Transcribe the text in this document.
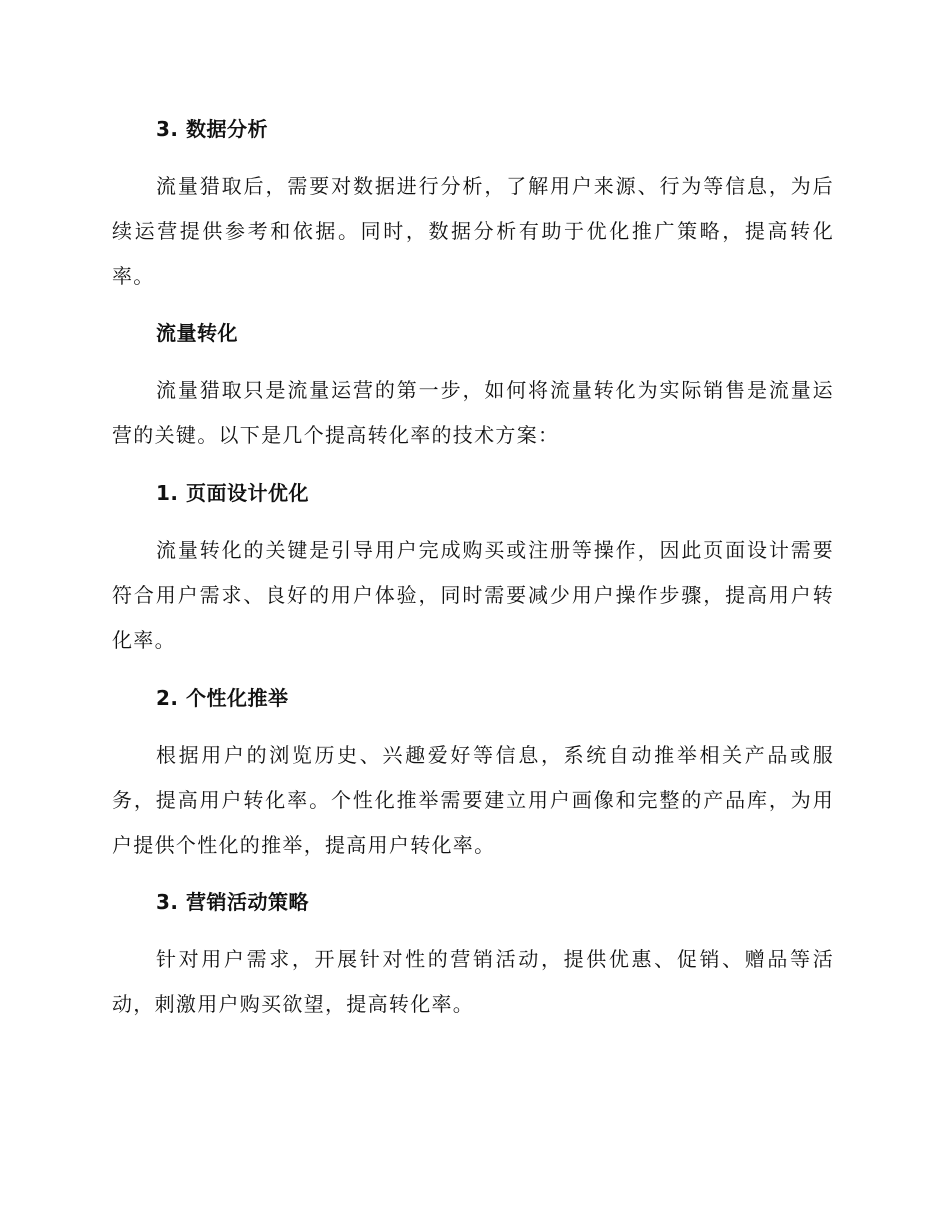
3. 数据分析
流量猎取后，需要对数据进行分析，了解用户来源、行为等信息，为后续运营提供参考和依据。同时，数据分析有助于优化推广策略，提高转化率。
流量转化
流量猎取只是流量运营的第一步，如何将流量转化为实际销售是流量运营的关键。以下是几个提高转化率的技术方案：
1. 页面设计优化
流量转化的关键是引导用户完成购买或注册等操作，因此页面设计需要符合用户需求、良好的用户体验，同时需要减少用户操作步骤，提高用户转化率。
2. 个性化推举
根据用户的浏览历史、兴趣爱好等信息，系统自动推举相关产品或服务，提高用户转化率。个性化推举需要建立用户画像和完整的产品库，为用户提供个性化的推举，提高用户转化率。
3. 营销活动策略
针对用户需求，开展针对性的营销活动，提供优惠、促销、赠品等活动，刺激用户购买欲望，提高转化率。
